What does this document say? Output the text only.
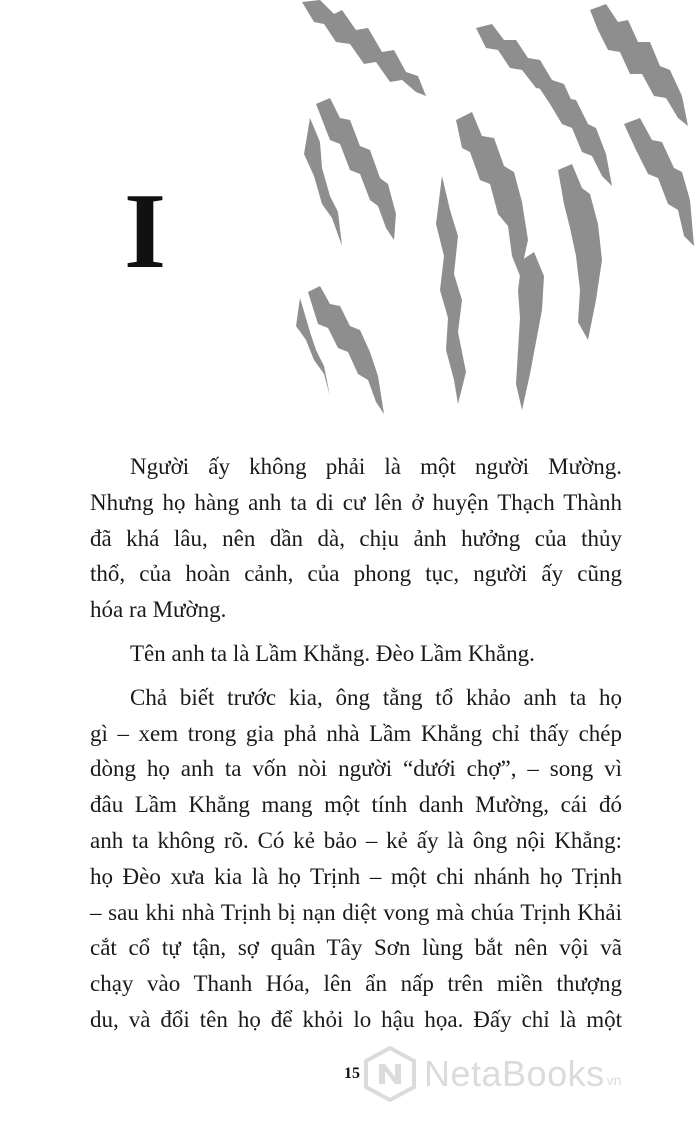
I

Người ấy không phải là một người Mường.
Nhưng họ hàng anh ta di cư lên ở huyện Thạch Thành
đã khá lâu, nên dần dà, chịu ảnh hưởng của thủy
thổ, của hoàn cảnh, của phong tục, người ấy cũng
hóa ra Mường.

Tên anh ta là Lầm Khẳng. Đèo Lầm Khẳng.

Chả biết trước kia, ông tằng tổ khảo anh ta họ
gì – xem trong gia phả nhà Lầm Khẳng chỉ thấy chép
dòng họ anh ta vốn nòi người “dưới chợ”, – song vì
đâu Lầm Khẳng mang một tính danh Mường, cái đó
anh ta không rõ. Có kẻ bảo – kẻ ấy là ông nội Khẳng:
họ Đèo xưa kia là họ Trịnh – một chi nhánh họ Trịnh
– sau khi nhà Trịnh bị nạn diệt vong mà chúa Trịnh Khải
cắt cổ tự tận, sợ quân Tây Sơn lùng bắt nên vội vã
chạy vào Thanh Hóa, lên ẩn nấp trên miền thượng
du, và đổi tên họ để khỏi lo hậu họa. Đấy chỉ là một

15 NetaBooks vn
